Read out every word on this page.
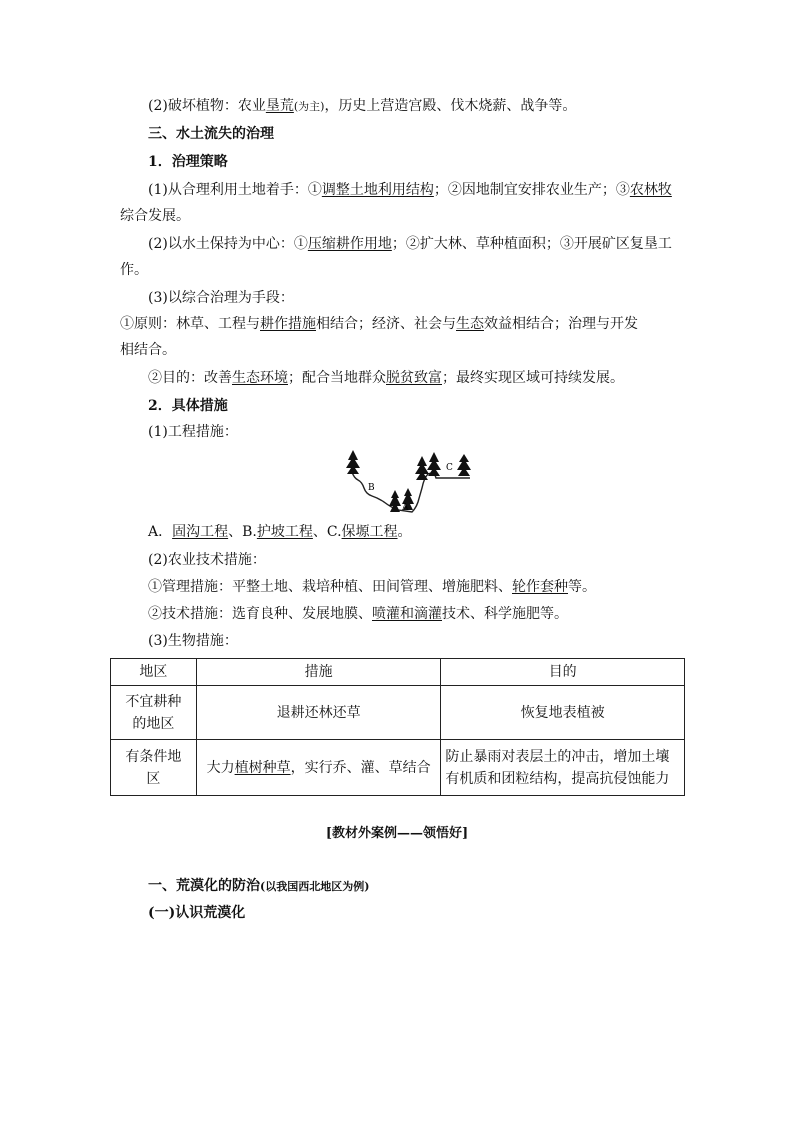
(2)破坏植物：农业垦荒(为主)，历史上营造宫殿、伐木烧薪、战争等。
三、水土流失的治理
1．治理策略
(1)从合理利用土地着手：①调整土地利用结构；②因地制宜安排农业生产；③农林牧
综合发展。
(2)以水土保持为中心：①压缩耕作用地；②扩大林、草种植面积；③开展矿区复垦工
作。
(3)以综合治理为手段：
①原则：林草、工程与耕作措施相结合；经济、社会与生态效益相结合；治理与开发
相结合。
②目的：改善生态环境；配合当地群众脱贫致富；最终实现区域可持续发展。
2．具体措施
(1)工程措施：
A
B
C
A．固沟工程、B.护坡工程、C.保塬工程。
(2)农业技术措施：
①管理措施：平整土地、栽培种植、田间管理、增施肥料、轮作套种等。
②技术措施：选育良种、发展地膜、喷灌和滴灌技术、科学施肥等。
(3)生物措施：
地区	措施	目的
不宜耕种
的地区	退耕还林还草	恢复地表植被
有条件地
区	大力植树种草，实行乔、灌、草结合	防止暴雨对表层土的冲击，增加土壤
有机质和团粒结构，提高抗侵蚀能力
[教材外案例——领悟好]
一、荒漠化的防治(以我国西北地区为例)
(一)认识荒漠化
